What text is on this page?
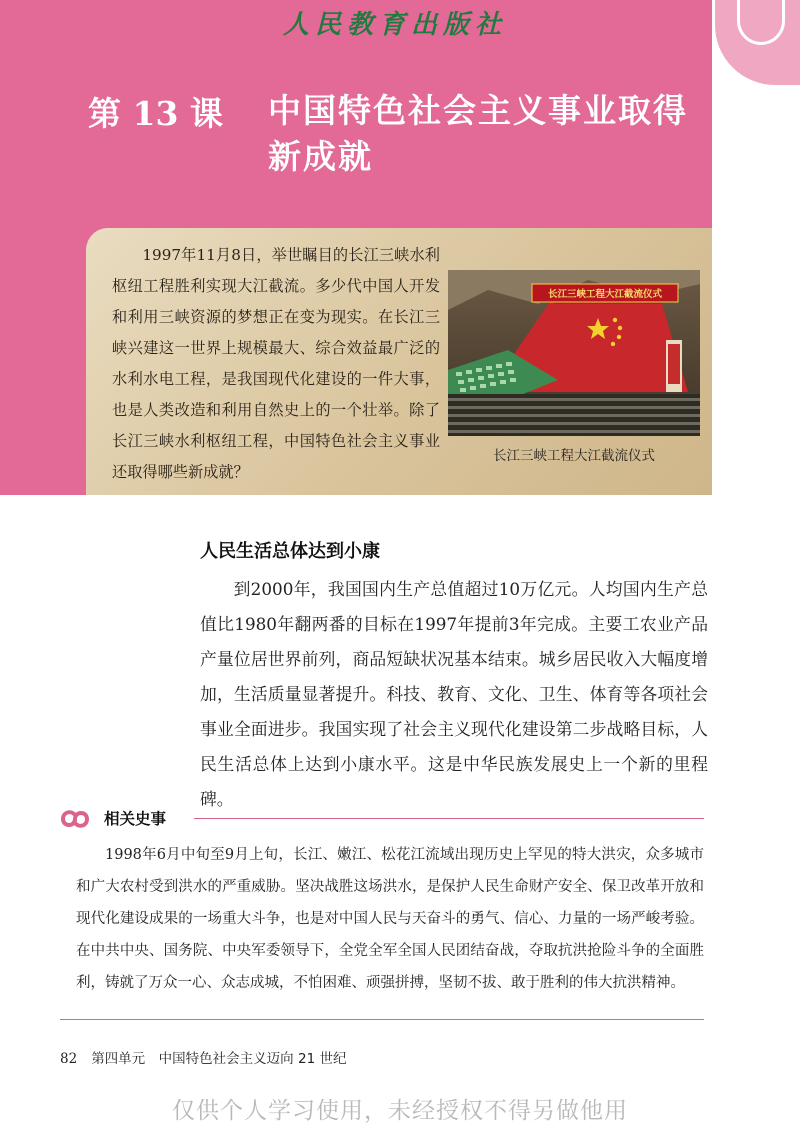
人民教育出版社
第 13 课 中国特色社会主义事业取得新成就
1997年11月8日，举世瞩目的长江三峡水利枢纽工程胜利实现大江截流。多少代中国人开发和利用三峡资源的梦想正在变为现实。在长江三峡兴建这一世界上规模最大、综合效益最广泛的水利水电工程，是我国现代化建设的一件大事，也是人类改造和利用自然史上的一个壮举。除了长江三峡水利枢纽工程，中国特色社会主义事业还取得哪些新成就？
长江三峡工程大江截流仪式
长江三峡工程大江截流仪式
人民生活总体达到小康
到2000年，我国国内生产总值超过10万亿元。人均国内生产总值比1980年翻两番的目标在1997年提前3年完成。主要工农业产品产量位居世界前列，商品短缺状况基本结束。城乡居民收入大幅度增加，生活质量显著提升。科技、教育、文化、卫生、体育等各项社会事业全面进步。我国实现了社会主义现代化建设第二步战略目标，人民生活总体上达到小康水平。这是中华民族发展史上一个新的里程碑。
相关史事
1998年6月中旬至9月上旬，长江、嫩江、松花江流域出现历史上罕见的特大洪灾，众多城市和广大农村受到洪水的严重威胁。坚决战胜这场洪水，是保护人民生命财产安全、保卫改革开放和现代化建设成果的一场重大斗争，也是对中国人民与天奋斗的勇气、信心、力量的一场严峻考验。在中共中央、国务院、中央军委领导下，全党全军全国人民团结奋战，夺取抗洪抢险斗争的全面胜利，铸就了万众一心、众志成城，不怕困难、顽强拼搏，坚韧不拔、敢于胜利的伟大抗洪精神。
82 第四单元　中国特色社会主义迈向 21 世纪
仅供个人学习使用，未经授权不得另做他用
